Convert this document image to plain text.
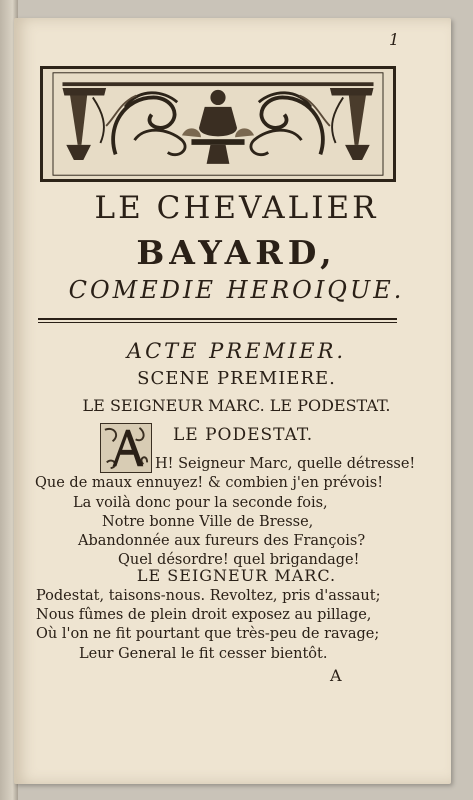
1
LE CHEVALIER
BAYARD,
COMEDIE HEROIQUE.
ACTE PREMIER.
SCENE PREMIERE.
LE SEIGNEUR MARC. LE PODESTAT.
LE PODESTAT.
H! Seigneur Marc, quelle détresse!
Que de maux ennuyez! & combien j'en prévois!
La voilà donc pour la seconde fois,
Notre bonne Ville de Bresse,
Abandonnée aux fureurs des François?
Quel désordre! quel brigandage!
LE SEIGNEUR MARC.
Podestat, taisons-nous. Revoltez, pris d'assaut;
Nous fûmes de plein droit exposez au pillage,
Où l'on ne fit pourtant que très-peu de ravage;
Leur General le fit cesser bientôt.
A
